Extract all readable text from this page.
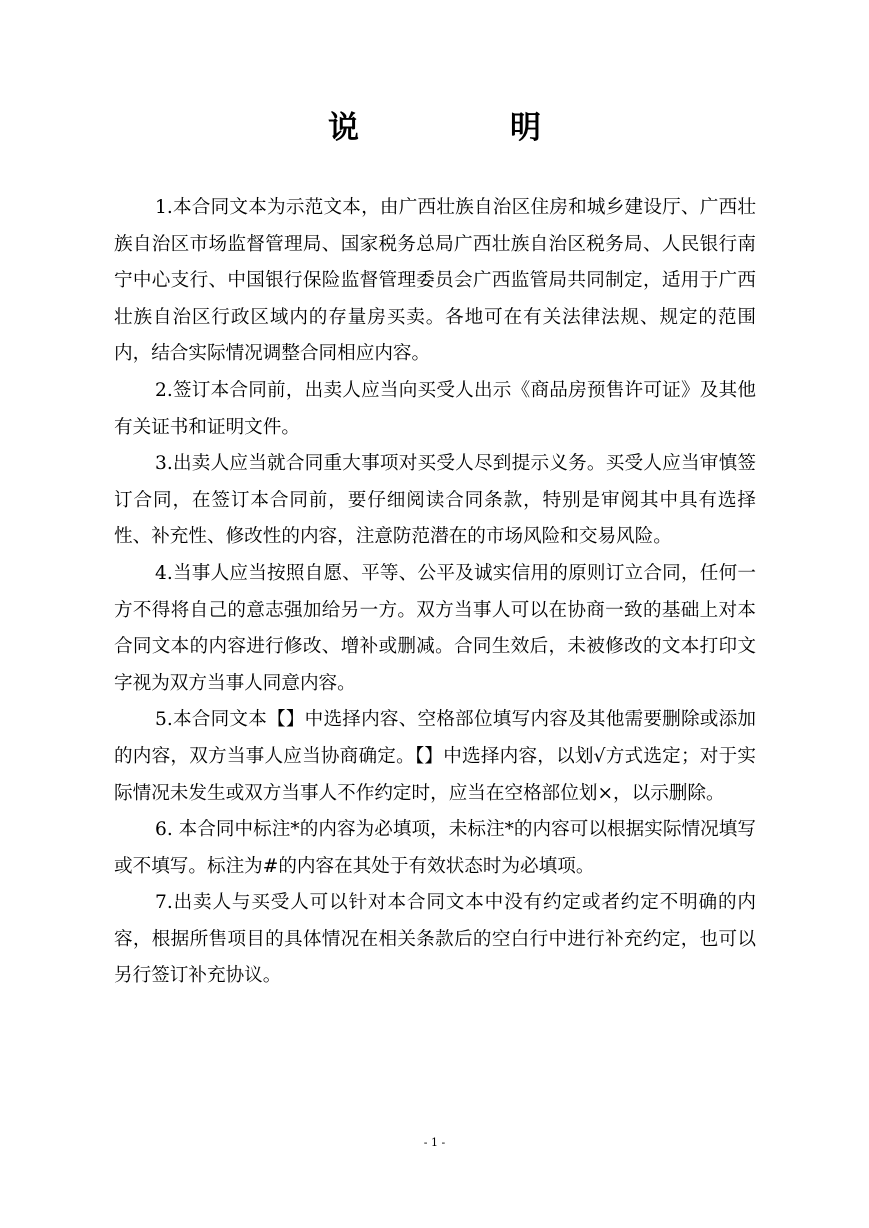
说　明

1.本合同文本为示范文本，由广西壮族自治区住房和城乡建设厅、广西壮族自治区市场监督管理局、国家税务总局广西壮族自治区税务局、人民银行南宁中心支行、中国银行保险监督管理委员会广西监管局共同制定，适用于广西壮族自治区行政区域内的存量房买卖。各地可在有关法律法规、规定的范围内，结合实际情况调整合同相应内容。

2.签订本合同前，出卖人应当向买受人出示《商品房预售许可证》及其他有关证书和证明文件。

3.出卖人应当就合同重大事项对买受人尽到提示义务。买受人应当审慎签订合同，在签订本合同前，要仔细阅读合同条款，特别是审阅其中具有选择性、补充性、修改性的内容，注意防范潜在的市场风险和交易风险。

4.当事人应当按照自愿、平等、公平及诚实信用的原则订立合同，任何一方不得将自己的意志强加给另一方。双方当事人可以在协商一致的基础上对本合同文本的内容进行修改、增补或删减。合同生效后，未被修改的文本打印文字视为双方当事人同意内容。

5.本合同文本【】中选择内容、空格部位填写内容及其他需要删除或添加的内容，双方当事人应当协商确定。【】中选择内容，以划√方式选定；对于实际情况未发生或双方当事人不作约定时，应当在空格部位划×，以示删除。

6. 本合同中标注*的内容为必填项，未标注*的内容可以根据实际情况填写或不填写。标注为#的内容在其处于有效状态时为必填项。

7.出卖人与买受人可以针对本合同文本中没有约定或者约定不明确的内容，根据所售项目的具体情况在相关条款后的空白行中进行补充约定，也可以另行签订补充协议。

- 1 -
